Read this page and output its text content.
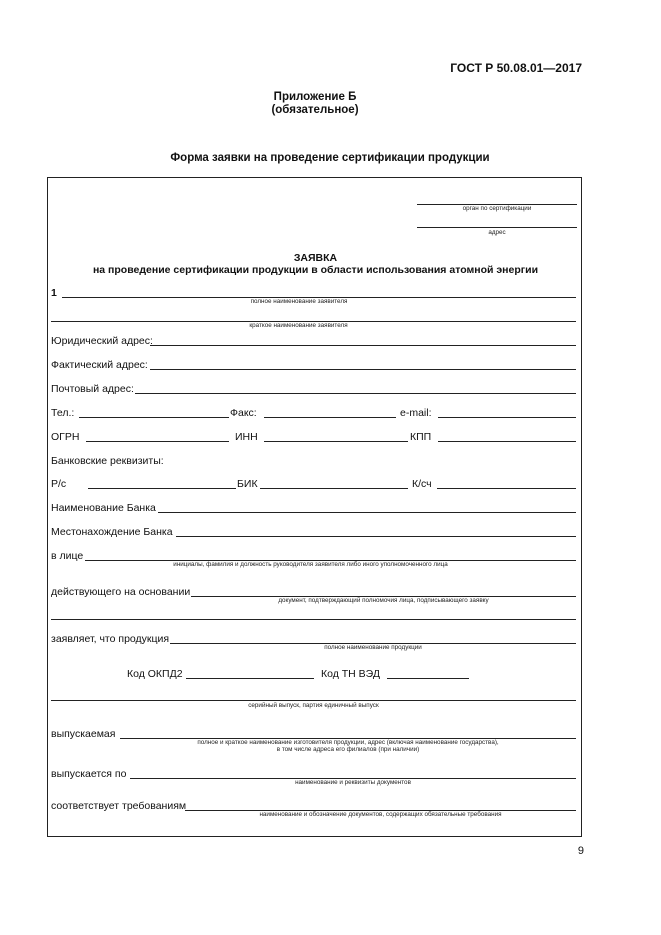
ГОСТ Р 50.08.01—2017
Приложение Б
(обязательное)
Форма заявки на проведение сертификации продукции
орган по сертификации
адрес
ЗАЯВКА
на проведение сертификации продукции в области использования атомной энергии
1
полное наименование заявителя
краткое наименование заявителя
Юридический адрес:
Фактический адрес:
Почтовый адрес:
Тел.:	Факс:	e-mail:
ОГРН	ИНН	КПП
Банковские реквизиты:
Р/с	БИК	К/сч
Наименование Банка
Местонахождение Банка
в лице
инициалы, фамилия и должность руководителя заявителя либо иного уполномоченного лица
действующего на основании
документ, подтверждающий полномочия лица, подписывающего заявку
заявляет, что продукция
полное наименование продукции
Код ОКПД2	Код ТН ВЭД
серийный выпуск, партия единичный выпуск
выпускаемая
полное и краткое наименование изготовителя продукции, адрес (включая наименование государства),
в том числе адреса его филиалов (при наличии)
выпускается по
наименование и реквизиты документов
соответствует требованиям
наименование и обозначение документов, содержащих обязательные требования
9
